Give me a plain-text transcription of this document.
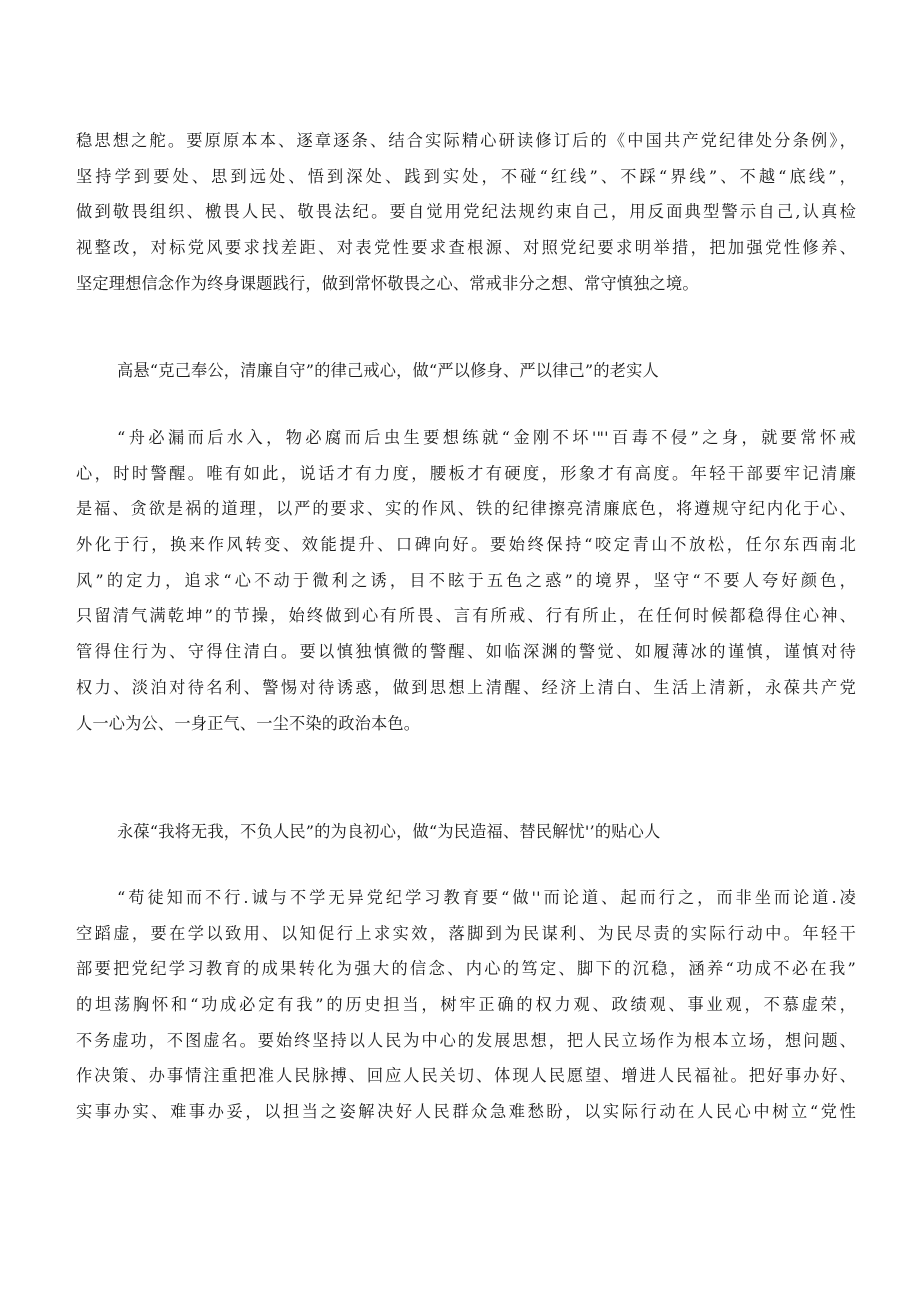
稳思想之舵。要原原本本、逐章逐条、结合实际精心研读修订后的《中国共产党纪律处分条例》，
坚持学到要处、思到远处、悟到深处、践到实处，不碰“红线”、不踩“界线”、不越“底线”，
做到敬畏组织、檄畏人民、敬畏法纪。要自觉用党纪法规约束自己，用反面典型警示自己,认真检
视整改，对标党风要求找差距、对表党性要求查根源、对照党纪要求明举措，把加强党性修养、
坚定理想信念作为终身课题践行，做到常怀敬畏之心、常戒非分之想、常守慎独之境。
高悬“克己奉公，清廉自守”的律己戒心，做“严以修身、严以律己”的老实人
“舟必漏而后水入，物必腐而后虫生要想练就“金刚不坏'"'百毒不侵”之身，就要常怀戒
心，时时警醒。唯有如此，说话才有力度，腰板才有硬度，形象才有高度。年轻干部要牢记清廉
是福、贪欲是祸的道理，以严的要求、实的作风、铁的纪律擦亮清廉底色，将遵规守纪内化于心、
外化于行，换来作风转变、效能提升、口碑向好。要始终保持“咬定青山不放松，任尔东西南北
风”的定力，追求“心不动于微利之诱，目不眩于五色之惑”的境界，坚守“不要人夸好颜色，
只留清气满乾坤”的节操，始终做到心有所畏、言有所戒、行有所止，在任何时候都稳得住心神、
管得住行为、守得住清白。要以慎独慎微的警醒、如临深渊的警觉、如履薄冰的谨慎，谨慎对待
权力、淡泊对待名利、警惕对待诱惑，做到思想上清醒、经济上清白、生活上清新，永葆共产党
人一心为公、一身正气、一尘不染的政治本色。
永葆“我将无我，不负人民”的为良初心，做“为民造福、替民解忧'’的贴心人
“苟徒知而不行.诚与不学无异党纪学习教育要“做''而论道、起而行之，而非坐而论道.凌
空蹈虚，要在学以致用、以知促行上求实效，落脚到为民谋利、为民尽责的实际行动中。年轻干
部要把党纪学习教育的成果转化为强大的信念、内心的笃定、脚下的沉稳，涵养“功成不必在我”
的坦荡胸怀和“功成必定有我”的历史担当，树牢正确的权力观、政绩观、事业观，不慕虚荣，
不务虚功，不图虚名。要始终坚持以人民为中心的发展思想，把人民立场作为根本立场，想问题、
作决策、办事情注重把准人民脉搏、回应人民关切、体现人民愿望、增进人民福祉。把好事办好、
实事办实、难事办妥，以担当之姿解决好人民群众急难愁盼，以实际行动在人民心中树立“党性
